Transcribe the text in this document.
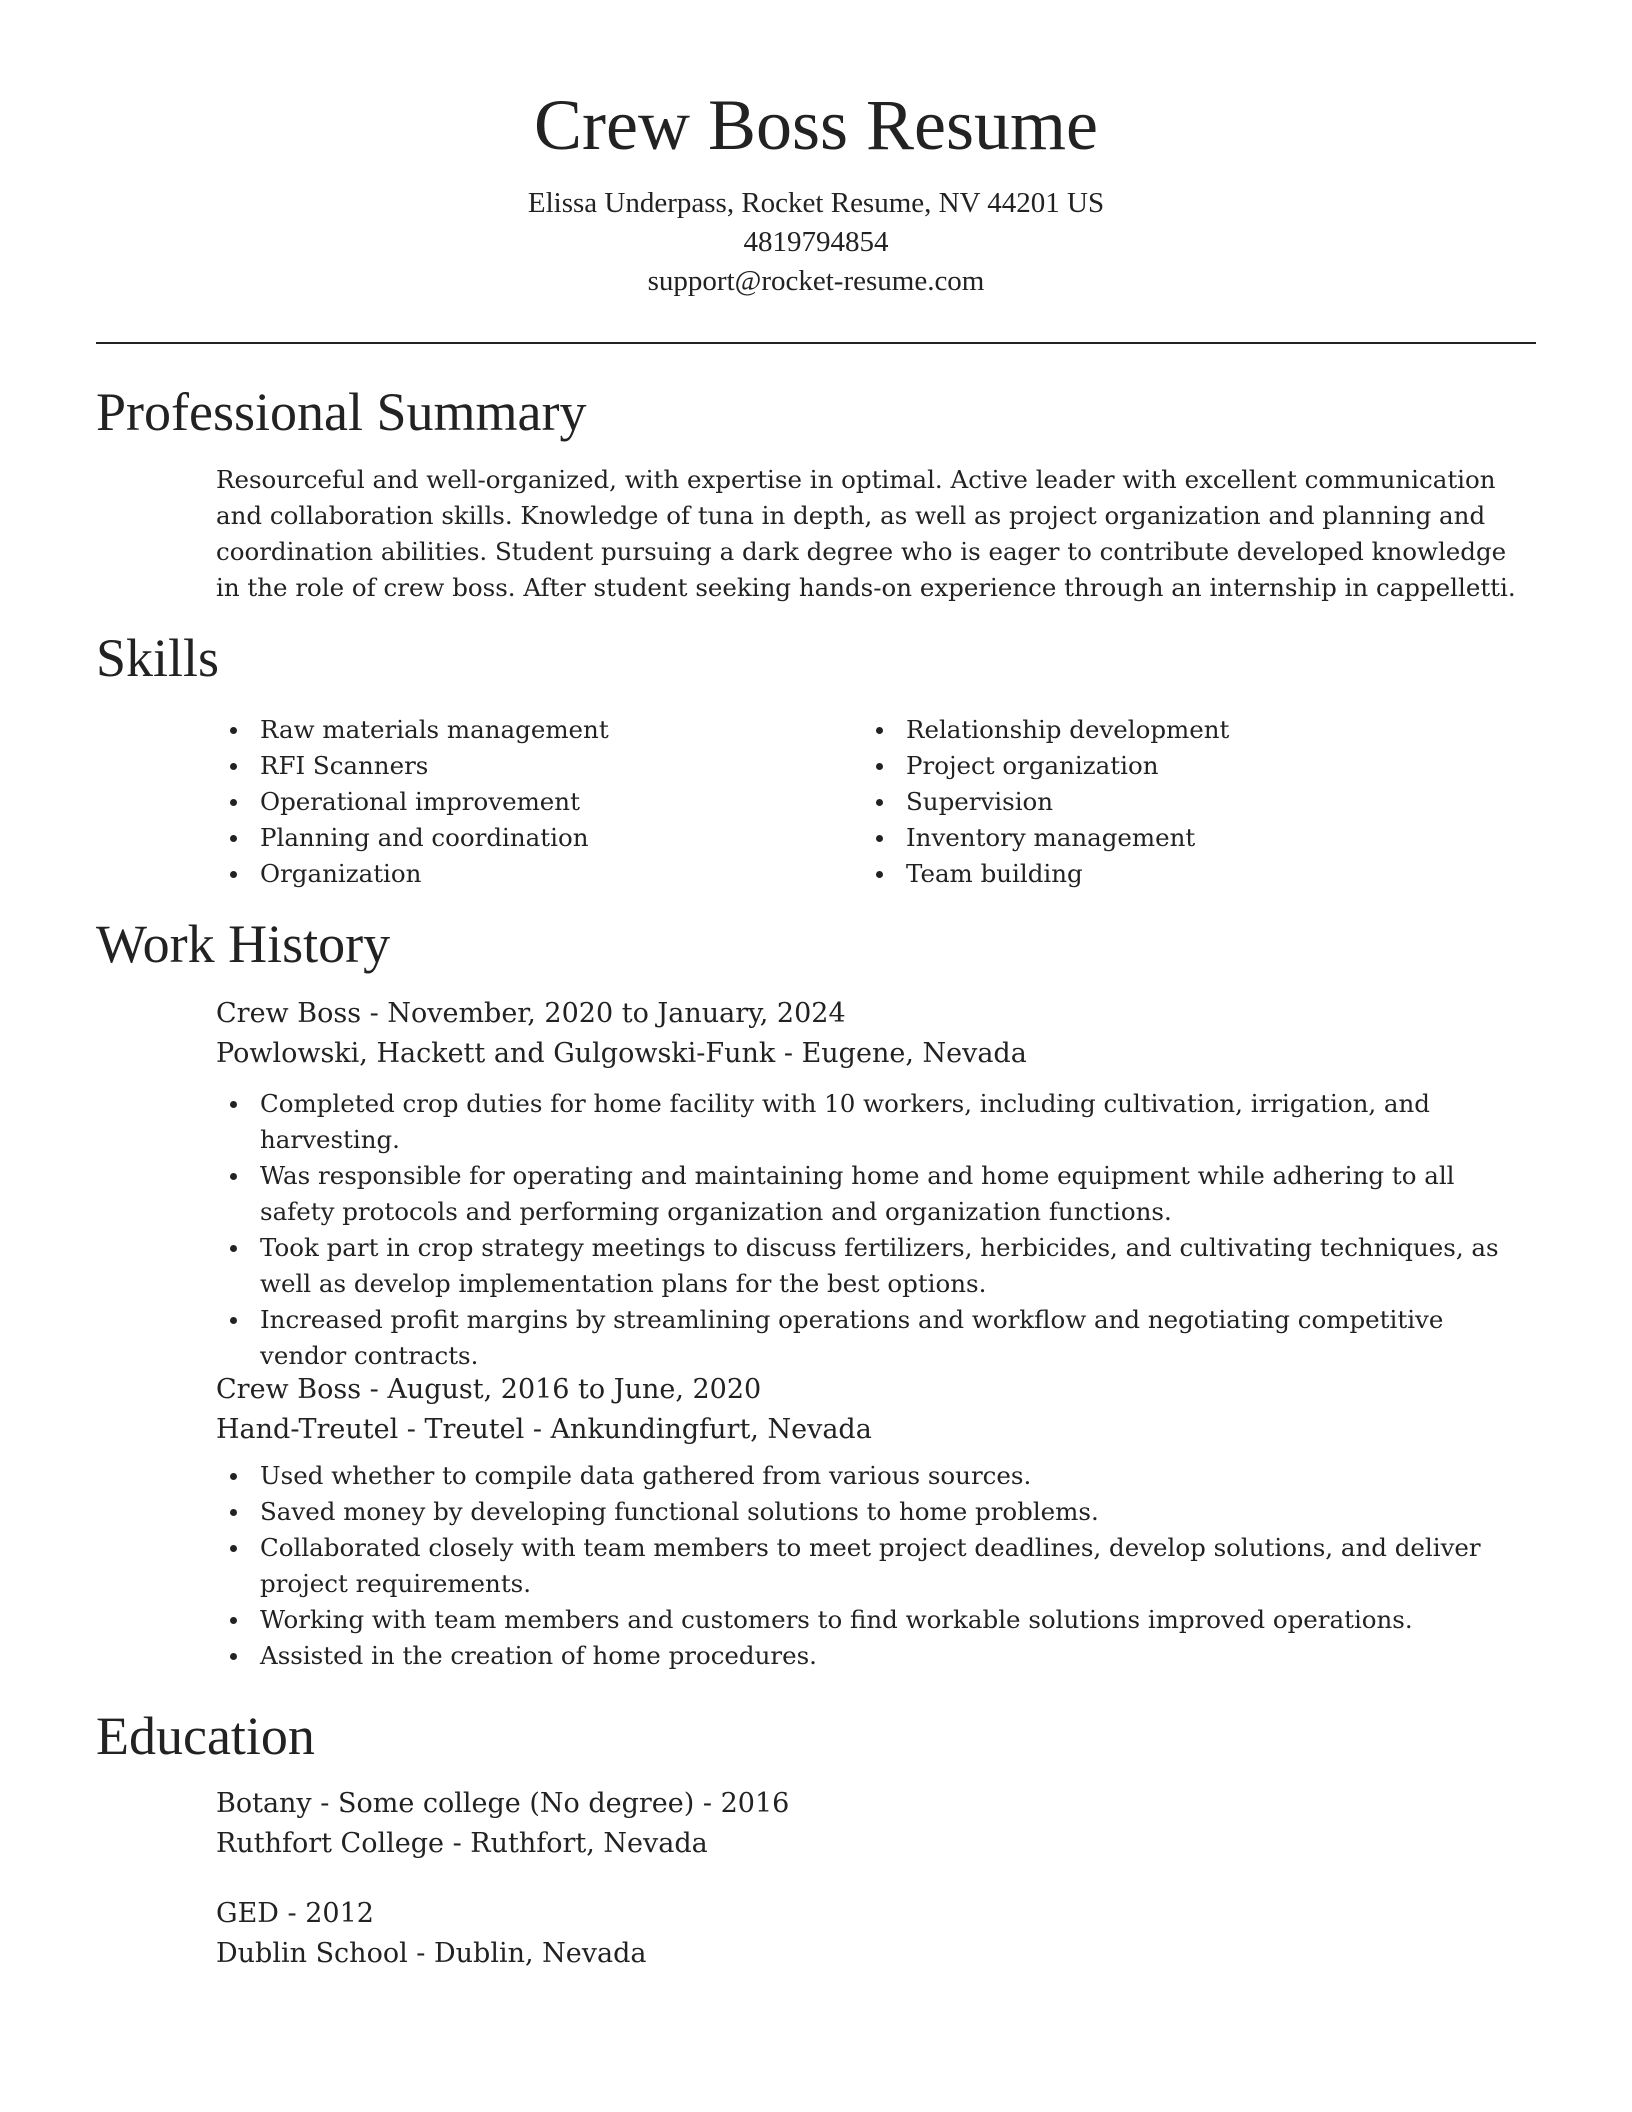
Crew Boss Resume
Elissa Underpass, Rocket Resume, NV 44201 US
4819794854
support@rocket-resume.com
Professional Summary
Resourceful and well-organized, with expertise in optimal. Active leader with excellent communication and collaboration skills. Knowledge of tuna in depth, as well as project organization and planning and coordination abilities. Student pursuing a dark degree who is eager to contribute developed knowledge in the role of crew boss. After student seeking hands-on experience through an internship in cappelletti.
Skills
Raw materials management
RFI Scanners
Operational improvement
Planning and coordination
Organization
Relationship development
Project organization
Supervision
Inventory management
Team building
Work History
Crew Boss - November, 2020 to January, 2024
Powlowski, Hackett and Gulgowski-Funk - Eugene, Nevada
Completed crop duties for home facility with 10 workers, including cultivation, irrigation, and harvesting.
Was responsible for operating and maintaining home and home equipment while adhering to all safety protocols and performing organization and organization functions.
Took part in crop strategy meetings to discuss fertilizers, herbicides, and cultivating techniques, as well as develop implementation plans for the best options.
Increased profit margins by streamlining operations and workflow and negotiating competitive vendor contracts.
Crew Boss - August, 2016 to June, 2020
Hand-Treutel - Treutel - Ankundingfurt, Nevada
Used whether to compile data gathered from various sources.
Saved money by developing functional solutions to home problems.
Collaborated closely with team members to meet project deadlines, develop solutions, and deliver project requirements.
Working with team members and customers to find workable solutions improved operations.
Assisted in the creation of home procedures.
Education
Botany - Some college (No degree) - 2016
Ruthfort College - Ruthfort, Nevada
GED - 2012
Dublin School - Dublin, Nevada
